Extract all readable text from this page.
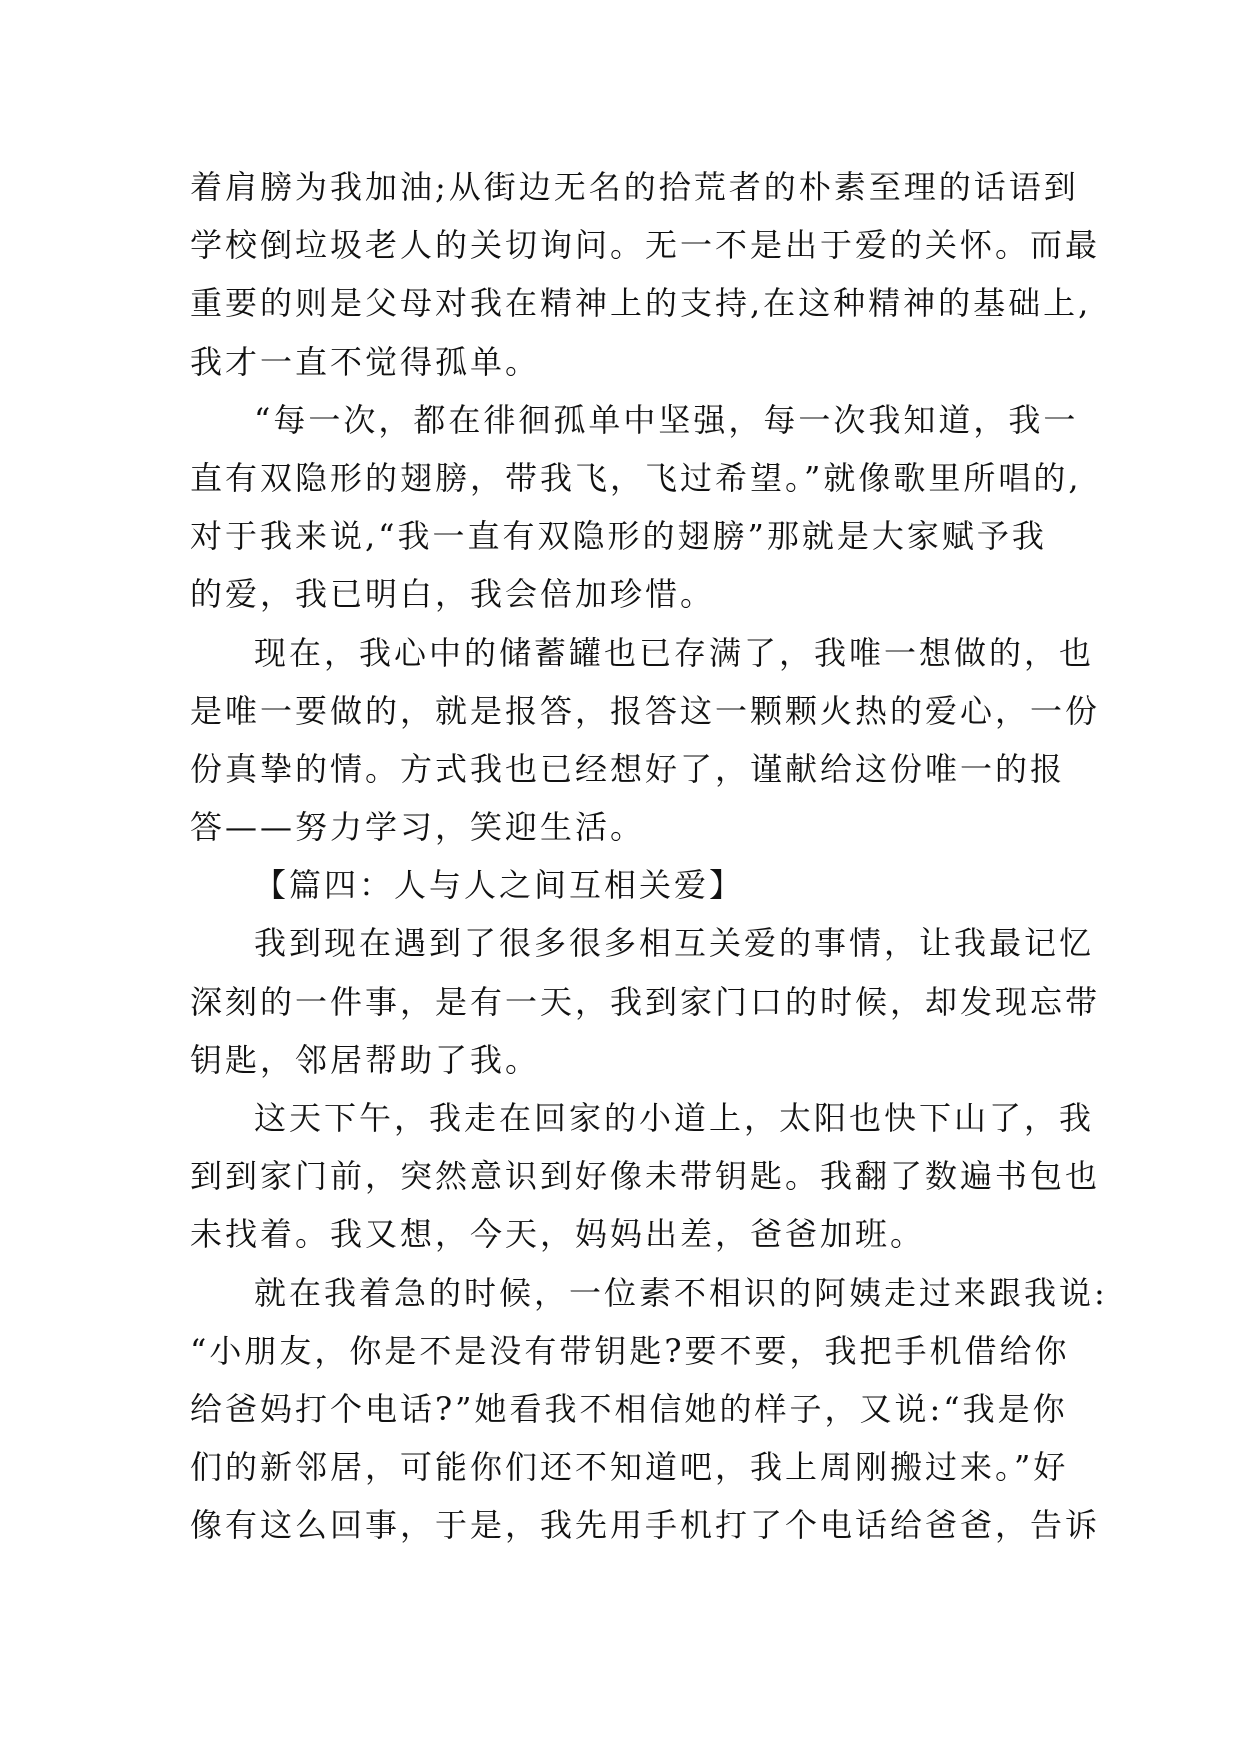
着肩膀为我加油;从街边无名的拾荒者的朴素至理的话语到
学校倒垃圾老人的关切询问。无一不是出于爱的关怀。而最
重要的则是父母对我在精神上的支持,在这种精神的基础上,
我才一直不觉得孤单。
“每一次，都在徘徊孤单中坚强，每一次我知道，我一
直有双隐形的翅膀，带我飞，飞过希望。”就像歌里所唱的,
对于我来说,“我一直有双隐形的翅膀”那就是大家赋予我
的爱，我已明白，我会倍加珍惜。
现在，我心中的储蓄罐也已存满了，我唯一想做的，也
是唯一要做的，就是报答，报答这一颗颗火热的爱心，一份
份真挚的情。方式我也已经想好了，谨献给这份唯一的报
答——努力学习，笑迎生活。
【篇四：人与人之间互相关爱】
我到现在遇到了很多很多相互关爱的事情，让我最记忆
深刻的一件事，是有一天，我到家门口的时候，却发现忘带
钥匙，邻居帮助了我。
这天下午，我走在回家的小道上，太阳也快下山了，我
到到家门前，突然意识到好像未带钥匙。我翻了数遍书包也
未找着。我又想，今天，妈妈出差，爸爸加班。
就在我着急的时候，一位素不相识的阿姨走过来跟我说:
“小朋友，你是不是没有带钥匙?要不要，我把手机借给你
给爸妈打个电话?”她看我不相信她的样子，又说:“我是你
们的新邻居，可能你们还不知道吧，我上周刚搬过来。”好
像有这么回事，于是，我先用手机打了个电话给爸爸，告诉
